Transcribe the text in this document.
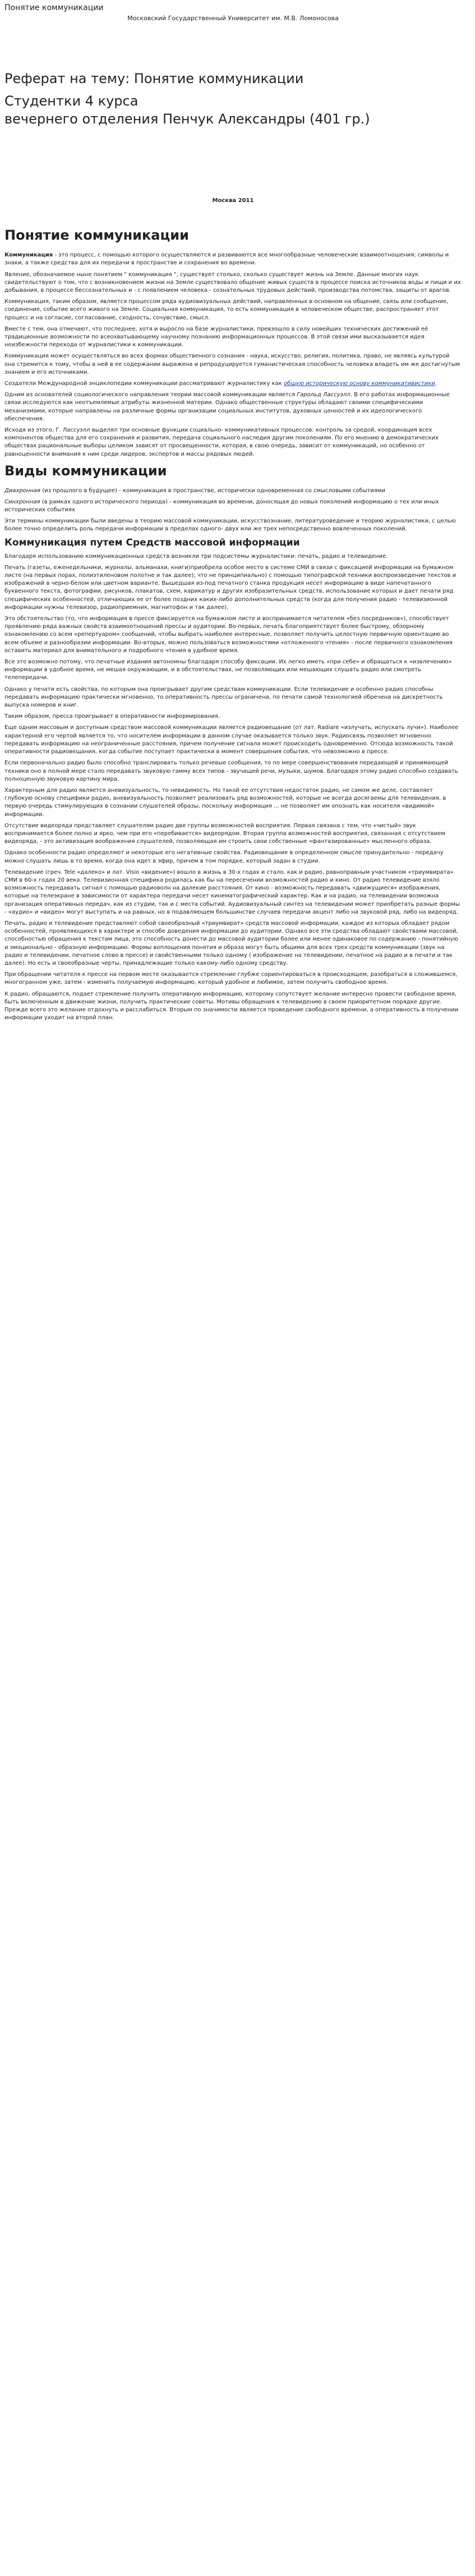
Понятие коммуникации
Московский Государственный Университет им. М.В. Ломоносова
Реферат на тему: Понятие коммуникации
Студентки 4 курса
вечернего отделения Пенчук Александры (401 гр.)
Москва 2011
Понятие коммуникации

Коммуникация - это процесс, с помощью которого осуществляются и развиваются все многообразные человеческие взаимоотношения; символы и знаки, а также средства для их передачи в пространстве и сохранения во времени.

Явление, обозначаемое ныне понятием " коммуникация ", существует столько, сколько существует жизнь на Земле. Данные многих наук свидетельствуют о том, что с возникновением жизни на Земле существовало общение живых существ в процессе поиска источников воды и пищи и их добывания, в процессе бессознательных и - с появлением человека - сознательных трудовых действий, производства потомства, защиты от врагов.

Коммуникация, таким образом, является процессом ряда аудиовизуальных действий, направленных в основном на общение, связь или сообщение, соединение, событие всего живого на Земле. Социальная коммуникация, то есть коммуникация в человеческом обществе, распространяет этот процесс и на согласие, согласование, сходность, сочувствие, смысл.

Вместе с тем, она отмечают, что последнее, хотя и выросло на базе журналистики, превзошло в силу новейших технических достижений её традиционные возможности по всеохватывающему научному познанию информационных процессов. В этой связи ими высказывается идея неизбежности перехода от журналистики к коммуникации.

Коммуникация может осуществляться во всех формах общественного сознания - наука, искусство, религия, политика, право, не являясь культурой она стремится к тому, чтобы в ней в ее содержании выражена и репродуцируется гуманистическая способность человека владеть им же достигнутым знанием и его источниками.

Создатели Международной энциклопедии коммуникации рассматривают журналистику как общую историческую основу коммуникативистики.

Одним из основателей социологического направления теории массовой коммуникации является Гарольд Лассуэлл. В его работах информационные связи исследуются как неотъемлемые атрибуты жизненной материи. Однако общественные структуры обладают своими специфическими механизмами, которые направлены на различные формы организации социальных институтов, духовных ценностей и их идеологического обеспечения.

Исходя из этого, Г. Лассуэлл выделял три основные функции социально- коммуникативных процессов: контроль за средой, координация всех компонентов общества для его сохранения и развития, передача социального наследия другим поколениям. По его мнению в демократических обществах рациональные выборы целиком зависят от просвещенности, которая, в свою очередь, зависит от коммуникаций, но особенно от равноценности внимания к ним среди лидеров, экспертов и массы рядовых людей.

Виды коммуникации

Диахронная (из прошлого в будущее) - коммуникация в пространстве, исторически одновременная со смысловыми событиями

Синхронная (в рамках одного исторического периода) - коммуникация во времени, доносящая до новых поколений информацию о тех или иных исторических событиях

Эти термины коммуникации были введены в теорию массовой коммуникации, искусствознание, литературоведение и теорию журналистики, с целью более точно определить роль передачи информации в пределах одного- двух или же трех непосредственно вовлеченных поколений.

Коммуникация путем Средств массовой информации

Благодаря использованию коммуникационных средств возникли три подсистемы журналистики: печать, радио и телевидение.

Печать (газеты, еженедельники, журналы, альманахи, книги)приобрела особое место в системе СМИ в связи с фиксацией информации на бумажном листе (на первых порах, полиэтиленовом полотне и так далее); что не принципиально) с помощью типографской техники воспроизведение текстов и изображений в черно-белом или цветном варианте. Вышедшая из-под печатного станка продукция несет информацию в виде напечатанного буквенного текста, фотографии, рисунков, плакатов, схем, карикатур и других изобразительных средств, использование которых и дает печати ряд специфических особенностей, отличающих ее от более поздних каких-либо дополнительных средств (когда для получения радио - телевизионной информации нужны телевизор, радиоприемник, магнитофон и так далее).

Это обстоятельство (то, что информация в прессе фиксируется на бумажном листе и воспринимается читателем «без посредников»), способствует проявлению ряда важных свойств взаимоотношений прессы и аудитории. Во-первых, печать благоприятствует более быстрому, обзорному ознакомлению со всем «репертуаром» сообщений, чтобы выбрать наиболее интересные, позволяет получить целостную первичную ориентацию во всем объеме и разнообразии информации. Во-вторых, можно пользоваться возможностями «отложенного чтения» - после первичного ознакомления оставить материал для внимательного и подробного чтения в удобное время.

Все это возможно потому, что печатные издания автономны благодаря способу фиксации. Их легко иметь «при себе» и обращаться к «извлечению» информации в удобное время, не мешая окружающим, и в обстоятельствах, не позволяющих или мешающих слушать радио или смотреть телепередачи.

Однако у печати есть свойства, по которым она проигрывает другим средствам коммуникации. Если телевидение и особенно радио способны передавать информацию практически мгновенно, то оперативность прессы ограничена, по печати самой технологией обречена на дискретность выпуска номеров и книг.

Таким образом, пресса проигрывает в оперативности информирования.

Еще одним массовым и доступным средством массовой коммуникации является радиовещание (от лат. Radiare «излучать, испускать лучи»). Наиболее характерной его чертой является то, что носителем информации в данном случае оказывается только звук. Радиосвязь позволяет мгновенно передавать информацию на неограниченные расстояния, причем получение сигнала может происходить одновременно. Отсюда возможность такой оперативности радиовещания, когда событие поступает практически в момент совершения события, что невозможно в прессе.

Если первоначально радио было способно транслировать только речевые сообщения, то по мере совершенствования передающей и принимающей техники оно в полной мере стало передавать звуковую гамму всех типов - звучащей речи, музыки, шумов. Благодаря этому радио способно создавать полноценную звуковую картину мира.

Характерным для радио является аневизуальность, то невидимость. Но такой ее отсутствия недостаток радио, не самом же деле, составляет глубокую основу специфики радио, аневизуальность позволяет реализовать ряд возможностей, которые не всегда досягаемы для телевидения, в первую очередь стимулирующих в сознании слушателей образы, поскольку информация ... не позволяет им опознать как носителя «видимой» информации.

Отсутствие видеоряда представляет слушателям радио две группы возможностей восприятия. Первая связана с тем, что «чистый» звук воспринимается более полно и ярко, чем при его «перебивается» видеорядом. Вторая группа возможностей восприятия, связанная с отсутствием видеоряда, - это активизация воображения слушателей, позволяющая им строить свои собственные «фантазированные» мысленного образа.

Однако особенности радио определяют и некоторые его негативные свойства. Радиовещание в определенном смысле принудительно - передачу можно слушать лишь в то время, когда она идет в эфир, причем в том порядке, который задан в студии.

Телевидение (греч. Tele «далеко» и лат. Visio «видение») вошло в жизнь в 30-х годах и стало, как и радио, равноправным участником «триумвирата» СМИ в 60-х годах 20 века. Телевизионная специфика родилась как бы на пересечении возможностей радио и кино. От радио телевидение взяло возможность передавать сигнал с помощью радиоволн на далекие расстояния. От кино - возможность передавать «движущиеся» изображения, которые на телеэкране в зависимости от характера передачи несет кинематографический характер. Как и на радио, на телевидении возможна организация оперативных передач, как из студии, так и с места событий. Аудиовизуальный синтез на телевидении может приобретать разные формы - «аудио» и «видео» могут выступать и на равных, но в подавляющем большинстве случаев передачи акцент либо на звуковой ряд, либо на видеоряд.

Печать, радио и телевидение представляют собой своеобразный «триумвират» средств массовой информации, каждое из которых обладает рядом особенностей, проявляющихся в характере и способе доведения информации до аудитории. Однако все эти средства обладают свойствами массовой, способностью обращения к текстам лица, это способность донести до массовой аудитории более или менее одинаковое по содержанию - понятийную и эмоционально - образную информацию. Формы воплощения понятия и образа могут быть общими для всех трех средств коммуникации (звук на радио и телевидении, печатное слово в прессе) и свойственными только одному ( изображение на телевидении, печатное на радио и в печати и так далее). Но есть и своеобразные черты, принадлежащие только какому-либо одному средству.

При обращении читателя к прессе на первом месте оказывается стремление глубже сориентироваться в происходящем, разобраться в сложившемся, многогранном уже, затем - изменить получаемую информацию, который удобное и любимое, затем получить свободное время.

К радио, обращаются, подает стремление получить оперативную информацию, которому сопутствует желание интересно провести свободное время, быть включенным в движение жизни, получить практические советы. Мотивы обращения к телевидению в своем приоритетном порядке другие. Прежде всего это желание отдохнуть и расслабиться. Вторым по значимости является проведение свободного времени, а оперативность в получении информации уходит на второй план.
